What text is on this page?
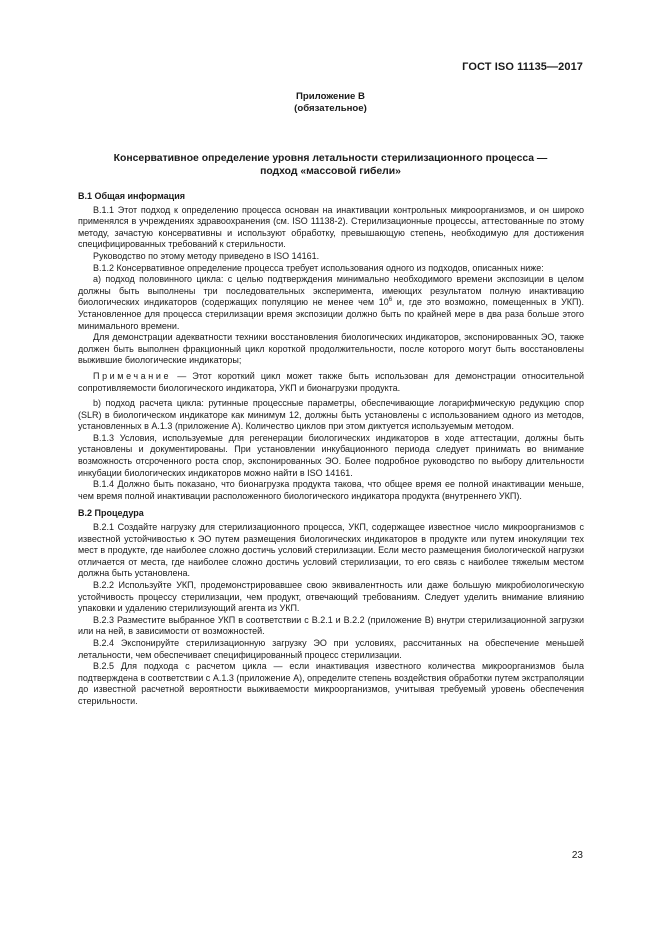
ГОСТ ISO 11135—2017
Приложение В
(обязательное)
Консервативное определение уровня летальности стерилизационного процесса —
подход «массовой гибели»
В.1 Общая информация

В.1.1 Этот подход к определению процесса основан на инактивации контрольных микроорганизмов, и он широко применялся в учреждениях здравоохранения (см. ISO 11138-2). Стерилизационные процессы, аттестованные по этому методу, зачастую консервативны и используют обработку, превышающую степень, необходимую для достижения специфицированных требований к стерильности.

Руководство по этому методу приведено в ISO 14161.

В.1.2 Консервативное определение процесса требует использования одного из подходов, описанных ниже:

а) подход половинного цикла: с целью подтверждения минимально необходимого времени экспозиции в целом должны быть выполнены три последовательных эксперимента, имеющих результатом полную инактивацию биологических индикаторов (содержащих популяцию не менее чем $10^6$ и, где это возможно, помещенных в УКП). Установленное для процесса стерилизации время экспозиции должно быть по крайней мере в два раза больше этого минимального времени.

Для демонстрации адекватности техники восстановления биологических индикаторов, экспонированных ЭО, также должен быть выполнен фракционный цикл короткой продолжительности, после которого могут быть восстановлены выжившие биологические индикаторы;

Примечание — Этот короткий цикл может также быть использован для демонстрации относительной сопротивляемости биологического индикатора, УКП и бионагрузки продукта.

b) подход расчета цикла: рутинные процессные параметры, обеспечивающие логарифмическую редукцию спор (SLR) в биологическом индикаторе как минимум 12, должны быть установлены с использованием одного из методов, установленных в А.1.3 (приложение А). Количество циклов при этом диктуется используемым методом.

В.1.3 Условия, используемые для регенерации биологических индикаторов в ходе аттестации, должны быть установлены и документированы. При установлении инкубационного периода следует принимать во внимание возможность отсроченного роста спор, экспонированных ЭО. Более подробное руководство по выбору длительности инкубации биологических индикаторов можно найти в ISO 14161.

В.1.4 Должно быть показано, что бионагрузка продукта такова, что общее время ее полной инактивации меньше, чем время полной инактивации расположенного биологического индикатора продукта (внутреннего УКП).

В.2 Процедура

В.2.1 Создайте нагрузку для стерилизационного процесса, УКП, содержащее известное число микроорганизмов с известной устойчивостью к ЭО путем размещения биологических индикаторов в продукте или путем инокуляции тех мест в продукте, где наиболее сложно достичь условий стерилизации. Если место размещения биологической нагрузки отличается от места, где наиболее сложно достичь условий стерилизации, то его связь с наиболее тяжелым местом должна быть установлена.

В.2.2 Используйте УКП, продемонстрировавшее свою эквивалентность или даже большую микробиологическую устойчивость процессу стерилизации, чем продукт, отвечающий требованиям. Следует уделить внимание влиянию упаковки и удалению стерилизующий агента из УКП.

В.2.3 Разместите выбранное УКП в соответствии с В.2.1 и В.2.2 (приложение В) внутри стерилизационной загрузки или на ней, в зависимости от возможностей.

В.2.4 Экспонируйте стерилизационную загрузку ЭО при условиях, рассчитанных на обеспечение меньшей летальности, чем обеспечивает специфицированный процесс стерилизации.

В.2.5 Для подхода с расчетом цикла — если инактивация известного количества микроорганизмов была подтверждена в соответствии с А.1.3 (приложение А), определите степень воздействия обработки путем экстраполяции до известной расчетной вероятности выживаемости микроорганизмов, учитывая требуемый уровень обеспечения стерильности.

23
